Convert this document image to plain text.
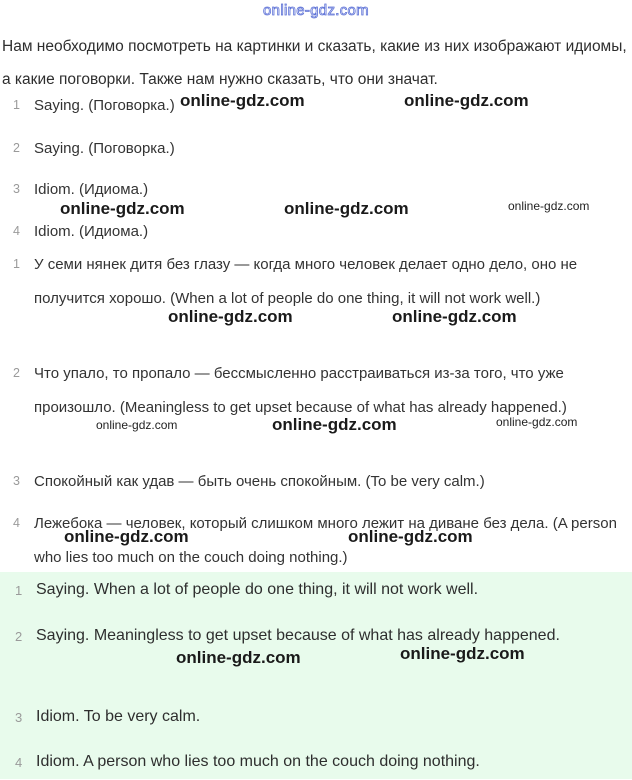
online-gdz.com
Нам необходимо посмотреть на картинки и сказать, какие из них изображают идиомы, а какие поговорки. Также нам нужно сказать, что они значат.
1 Saying. (Поговорка.)
2 Saying. (Поговорка.)
3 Idiom. (Идиома.)
4 Idiom. (Идиома.)
1 У семи нянек дитя без глазу — когда много человек делает одно дело, оно не получится хорошо. (When a lot of people do one thing, it will not work well.)
2 Что упало, то пропало — бессмысленно расстраиваться из-за того, что уже произошло. (Meaningless to get upset because of what has already happened.)
3 Спокойный как удав — быть очень спокойным. (To be very calm.)
4 Лежебока — человек, который слишком много лежит на диване без дела. (A person who lies too much on the couch doing nothing.)
1 Saying. When a lot of people do one thing, it will not work well.
2 Saying. Meaningless to get upset because of what has already happened.
3 Idiom. To be very calm.
4 Idiom. A person who lies too much on the couch doing nothing.
online-gdz.com	online-gdz.com
online-gdz.com	online-gdz.com	online-gdz.com
online-gdz.com	online-gdz.com
online-gdz.com	online-gdz.com	online-gdz.com
online-gdz.com	online-gdz.com
online-gdz.com	online-gdz.com
